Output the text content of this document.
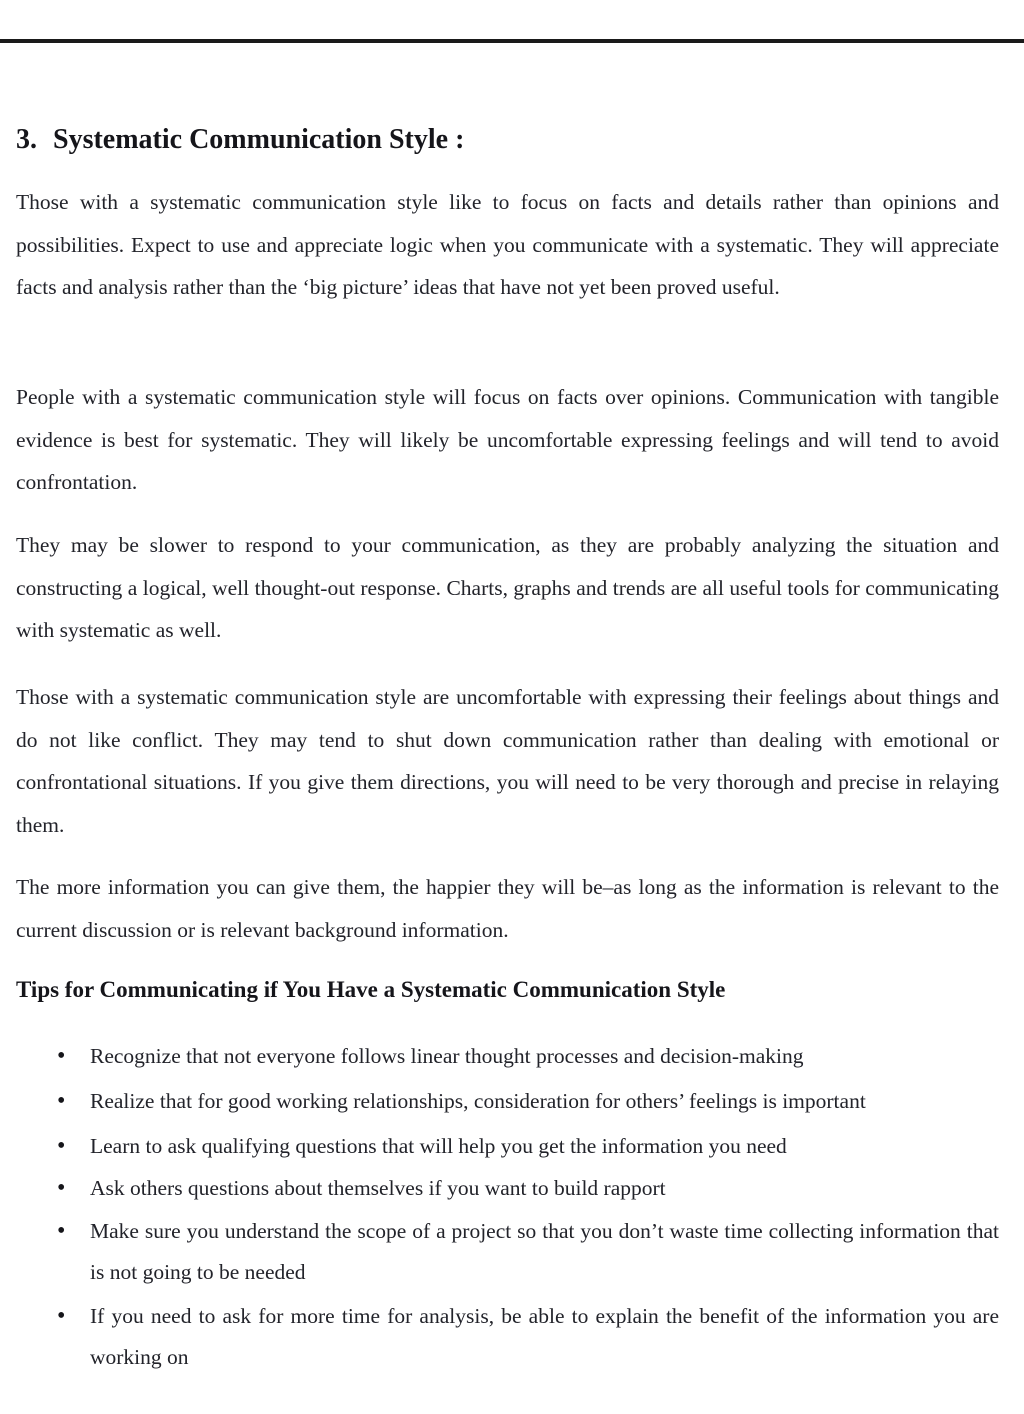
3. Systematic Communication Style :

Those with a systematic communication style like to focus on facts and details rather than opinions and possibilities. Expect to use and appreciate logic when you communicate with a systematic. They will appreciate facts and analysis rather than the ‘big picture’ ideas that have not yet been proved useful.

People with a systematic communication style will focus on facts over opinions. Communication with tangible evidence is best for systematic. They will likely be uncomfortable expressing feelings and will tend to avoid confrontation.

They may be slower to respond to your communication, as they are probably analyzing the situation and constructing a logical, well thought-out response. Charts, graphs and trends are all useful tools for communicating with systematic as well.

Those with a systematic communication style are uncomfortable with expressing their feelings about things and do not like conflict. They may tend to shut down communication rather than dealing with emotional or confrontational situations. If you give them directions, you will need to be very thorough and precise in relaying them.

The more information you can give them, the happier they will be–as long as the information is relevant to the current discussion or is relevant background information.

Tips for Communicating if You Have a Systematic Communication Style
• Recognize that not everyone follows linear thought processes and decision-making
• Realize that for good working relationships, consideration for others’ feelings is important
• Learn to ask qualifying questions that will help you get the information you need
• Ask others questions about themselves if you want to build rapport
• Make sure you understand the scope of a project so that you don’t waste time collecting information that is not going to be needed
• If you need to ask for more time for analysis, be able to explain the benefit of the information you are working on
